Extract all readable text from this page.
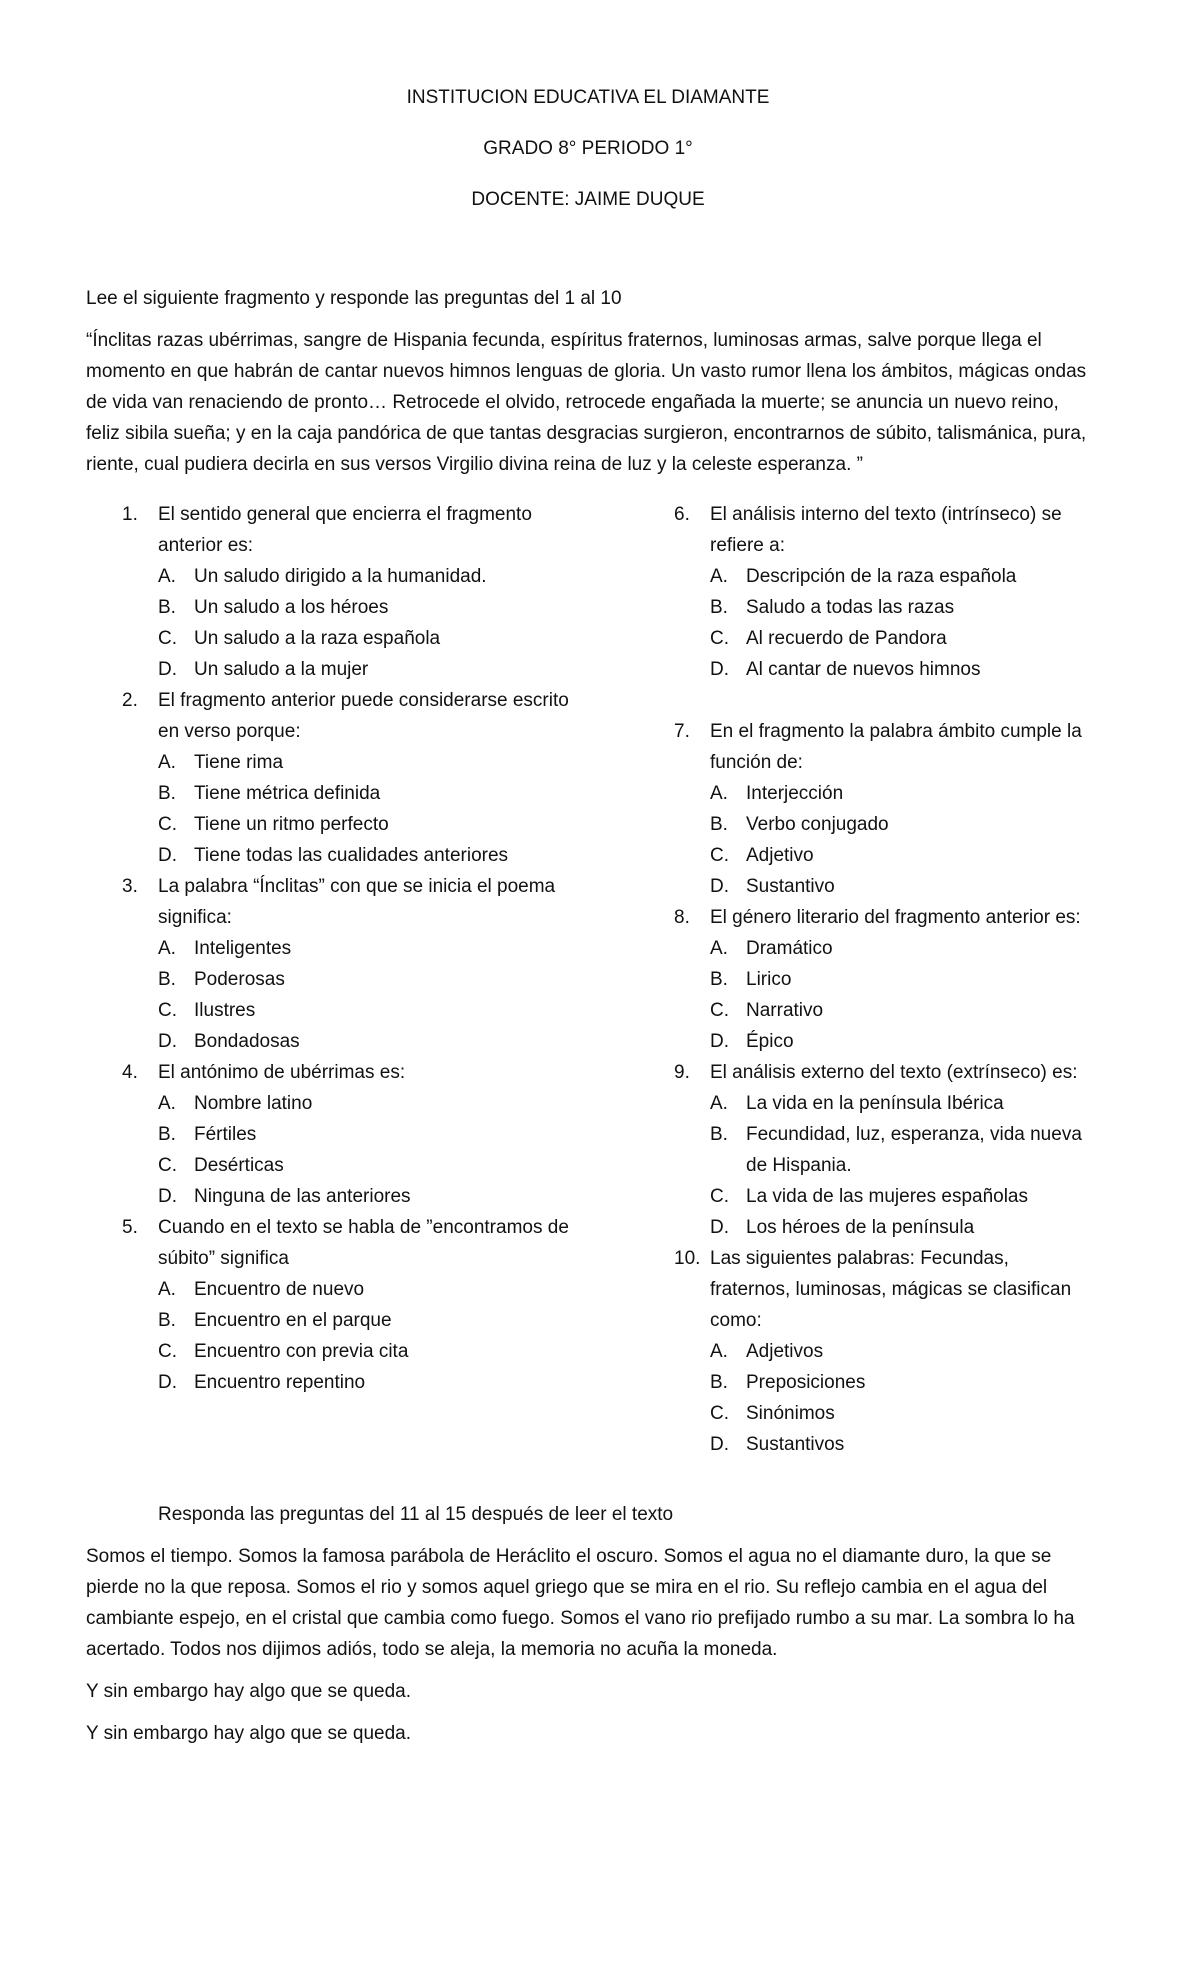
INSTITUCION EDUCATIVA EL DIAMANTE

GRADO 8° PERIODO 1°

DOCENTE: JAIME DUQUE

Lee el siguiente fragmento y responde las preguntas del 1 al 10

“Ínclitas razas ubérrimas, sangre de Hispania fecunda, espíritus fraternos, luminosas armas, salve porque llega el momento en que habrán de cantar nuevos himnos lenguas de gloria. Un vasto rumor llena los ámbitos, mágicas ondas de vida van renaciendo de pronto… Retrocede el olvido, retrocede engañada la muerte; se anuncia un nuevo reino, feliz sibila sueña; y en la caja pandórica de que tantas desgracias surgieron, encontrarnos de súbito, talismánica, pura, riente, cual pudiera decirla en sus versos Virgilio divina reina de luz y la celeste esperanza. ”

1.	El sentido general que encierra el fragmento anterior es:
A. Un saludo dirigido a la humanidad.
B. Un saludo a los héroes
C. Un saludo a la raza española
D. Un saludo a la mujer
2.	El fragmento anterior puede considerarse escrito en verso porque:
A. Tiene rima
B. Tiene métrica definida
C. Tiene un ritmo perfecto
D. Tiene todas las cualidades anteriores
3.	La palabra “Ínclitas” con que se inicia el poema significa:
A. Inteligentes
B. Poderosas
C. Ilustres
D. Bondadosas
4.	El antónimo de ubérrimas es:
A. Nombre latino
B. Fértiles
C. Desérticas
D. Ninguna de las anteriores
5.	Cuando en el texto se habla de ”encontramos de súbito” significa
A. Encuentro de nuevo
B. Encuentro en el parque
C. Encuentro con previa cita
D. Encuentro repentino
6.	El análisis interno del texto (intrínseco) se refiere a:
A. Descripción de la raza española
B. Saludo a todas las razas
C. Al recuerdo de Pandora
D. Al cantar de nuevos himnos
7.	En el fragmento la palabra ámbito cumple la función de:
A. Interjección
B. Verbo conjugado
C. Adjetivo
D. Sustantivo
8.	El género literario del fragmento anterior es:
A. Dramático
B. Lirico
C. Narrativo
D. Épico
9.	El análisis externo del texto (extrínseco) es:
A. La vida en la península Ibérica
B. Fecundidad, luz, esperanza, vida nueva de Hispania.
C. La vida de las mujeres españolas
D. Los héroes de la península
10. Las siguientes palabras: Fecundas, fraternos, luminosas, mágicas se clasifican como:
A. Adjetivos
B. Preposiciones
C. Sinónimos
D. Sustantivos

Responda las preguntas del 11 al 15 después de leer el texto

Somos el tiempo. Somos la famosa parábola de Heráclito el oscuro. Somos el agua no el diamante duro, la que se pierde no la que reposa. Somos el rio y somos aquel griego que se mira en el rio. Su reflejo cambia en el agua del cambiante espejo, en el cristal que cambia como fuego. Somos el vano rio prefijado rumbo a su mar. La sombra lo ha acertado. Todos nos dijimos adiós, todo se aleja, la memoria no acuña la moneda.

Y sin embargo hay algo que se queda.

Y sin embargo hay algo que se queda.
